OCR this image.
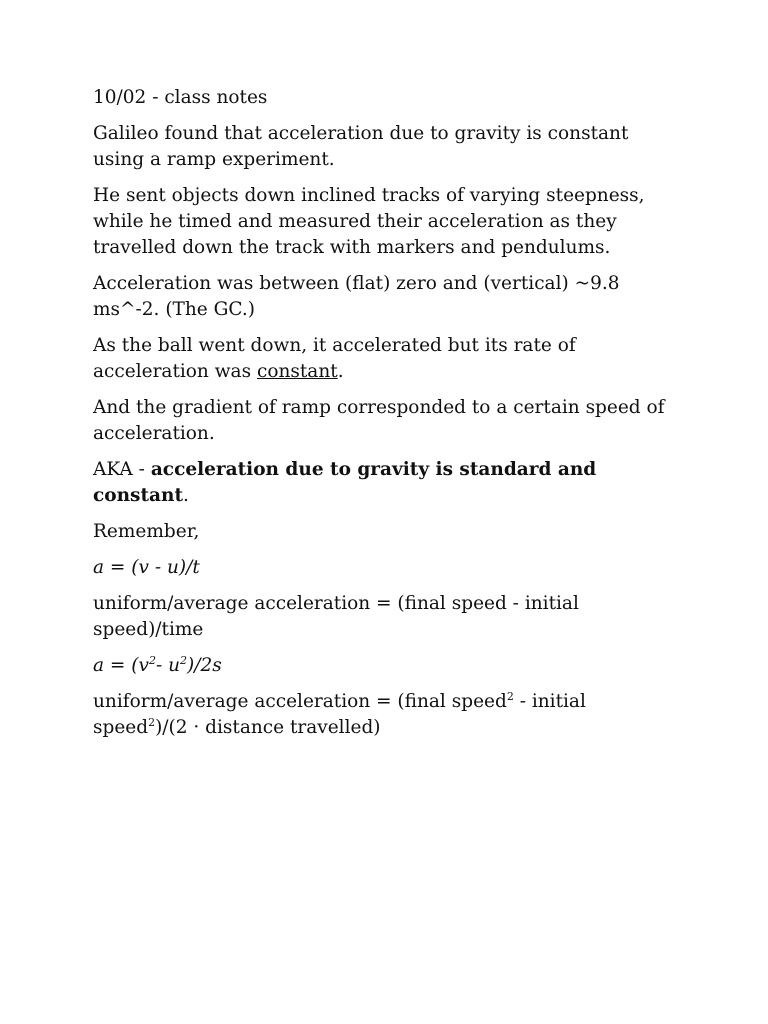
10/02 - class notes

Galileo found that acceleration due to gravity is constant using a ramp experiment.

He sent objects down inclined tracks of varying steepness, while he timed and measured their acceleration as they travelled down the track with markers and pendulums.

Acceleration was between (flat) zero and (vertical) ~9.8 ms^-2. (The GC.)

As the ball went down, it accelerated but its rate of acceleration was constant.

And the gradient of ramp corresponded to a certain speed of acceleration.

AKA - acceleration due to gravity is standard and constant.

Remember,

a = (v - u)/t

uniform/average acceleration = (final speed - initial speed)/time

$a = (v^2-$ $u^2)/2s$

uniform/average acceleration = (final speed$^2$ - initial speed$^2$)/(2 · distance travelled)
